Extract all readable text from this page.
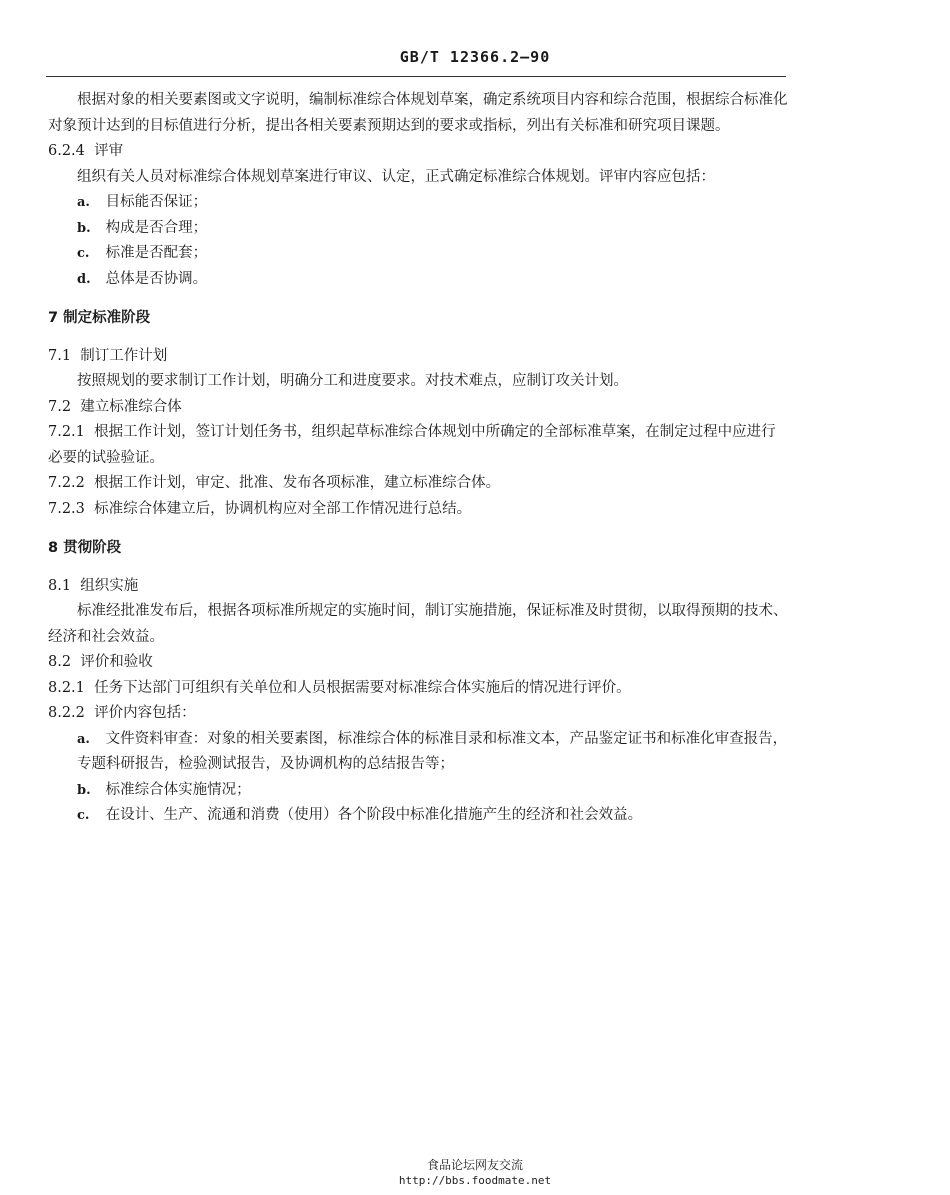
GB/T 12366.2—90

根据对象的相关要素图或文字说明，编制标准综合体规划草案，确定系统项目内容和综合范围，根据综合标准化对象预计达到的目标值进行分析，提出各相关要素预期达到的要求或指标，列出有关标准和研究项目课题。

6.2.4 评审

组织有关人员对标准综合体规划草案进行审议、认定，正式确定标准综合体规划。评审内容应包括：

a. 目标能否保证；

b. 构成是否合理；

c. 标准是否配套；

d. 总体是否协调。

7 制定标准阶段

7.1 制订工作计划

按照规划的要求制订工作计划，明确分工和进度要求。对技术难点，应制订攻关计划。

7.2 建立标准综合体

7.2.1 根据工作计划，签订计划任务书，组织起草标准综合体规划中所确定的全部标准草案，在制定过程中应进行必要的试验验证。

7.2.2 根据工作计划，审定、批准、发布各项标准，建立标准综合体。

7.2.3 标准综合体建立后，协调机构应对全部工作情况进行总结。

8 贯彻阶段

8.1 组织实施

标准经批准发布后，根据各项标准所规定的实施时间，制订实施措施，保证标准及时贯彻，以取得预期的技术、经济和社会效益。

8.2 评价和验收

8.2.1 任务下达部门可组织有关单位和人员根据需要对标准综合体实施后的情况进行评价。

8.2.2 评价内容包括：

a. 文件资料审查：对象的相关要素图，标准综合体的标准目录和标准文本，产品鉴定证书和标准化审查报告，专题科研报告，检验测试报告，及协调机构的总结报告等；

b. 标准综合体实施情况；

c. 在设计、生产、流通和消费（使用）各个阶段中标准化措施产生的经济和社会效益。

食品论坛网友交流
http://bbs.foodmate.net
